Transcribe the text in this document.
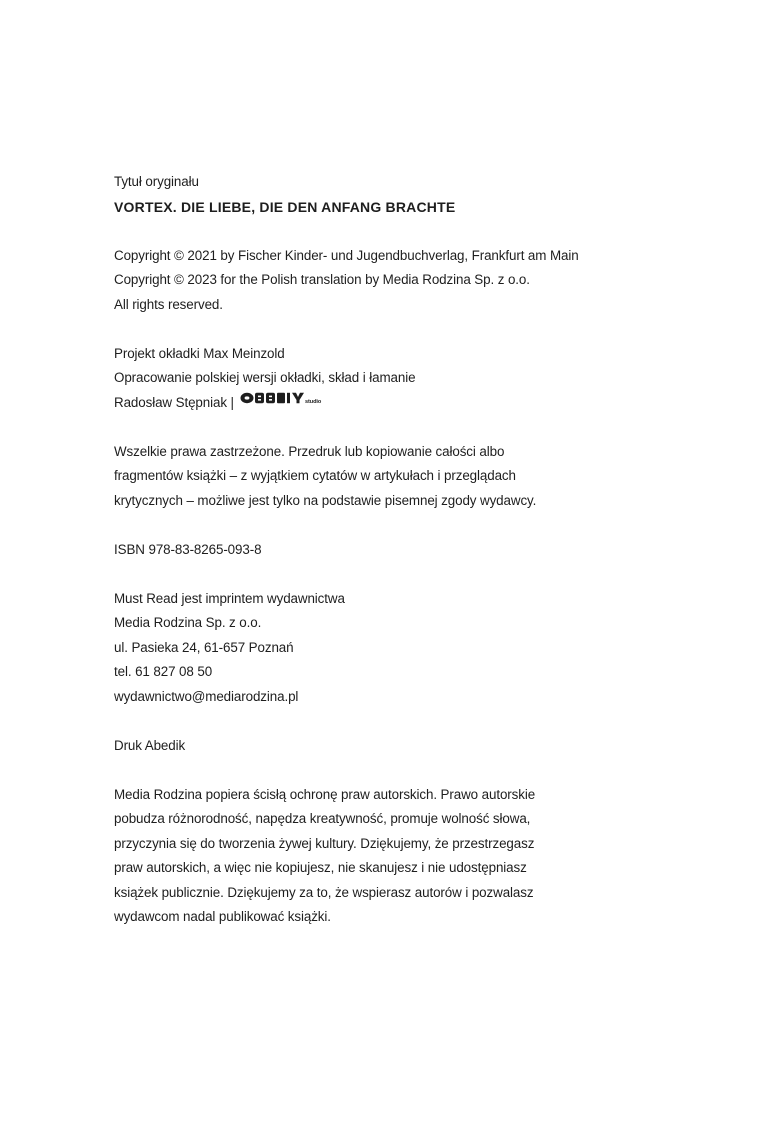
Tytuł oryginału
VORTEX. DIE LIEBE, DIE DEN ANFANG BRACHTE
Copyright © 2021 by Fischer Kinder- und Jugendbuchverlag, Frankfurt am Main
Copyright © 2023 for the Polish translation by Media Rodzina Sp. z o.o.
All rights reserved.
Projekt okładki Max Meinzold
Opracowanie polskiej wersji okładki, skład i łamanie
Radosław Stępniak |	studio
Wszelkie prawa zastrzeżone. Przedruk lub kopiowanie całości albo
fragmentów książki – z wyjątkiem cytatów w artykułach i przeglądach
krytycznych – możliwe jest tylko na podstawie pisemnej zgody wydawcy.
ISBN 978-83-8265-093-8
Must Read jest imprintem wydawnictwa
Media Rodzina Sp. z o.o.
ul. Pasieka 24, 61-657 Poznań
tel. 61 827 08 50
wydawnictwo@mediarodzina.pl
Druk Abedik
Media Rodzina popiera ścisłą ochronę praw autorskich. Prawo autorskie
pobudza różnorodność, napędza kreatywność, promuje wolność słowa,
przyczynia się do tworzenia żywej kultury. Dziękujemy, że przestrzegasz
praw autorskich, a więc nie kopiujesz, nie skanujesz i nie udostępniasz
książek publicznie. Dziękujemy za to, że wspierasz autorów i pozwalasz
wydawcom nadal publikować książki.
